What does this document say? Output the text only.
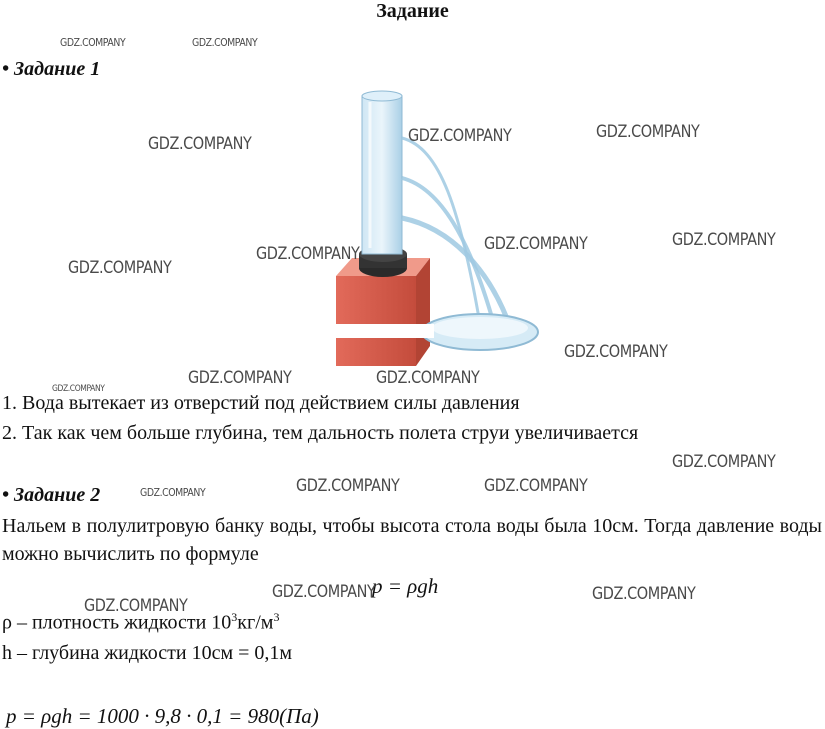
Задание
• Задание 1
1. Вода вытекает из отверстий под действием силы давления
2. Так как чем больше глубина, тем дальность полета струи увеличивается
• Задание 2
Нальем в полулитровую банку воды, чтобы высота стола воды была 10см. Тогда давление воды можно вычислить по формуле
p = ρgh
ρ – плотность жидкости $10^3кг/м^3$
h – глубина жидкости 10см = 0,1м
p = ρgh = 1000 · 9,8 · 0,1 = 980(Па)
GDZ.COMPANY	GDZ.COMPANY
GDZ.COMPANY	GDZ.COMPANY	GDZ.COMPANY
GDZ.COMPANY	GDZ.COMPANY	GDZ.COMPANY
GDZ.COMPANY
GDZ.COMPANY
GDZ.COMPANY	GDZ.COMPANY
GDZ.COMPANY
GDZ.COMPANY
GDZ.COMPANY	GDZ.COMPANY	GDZ.COMPANY
GDZ.COMPANY	GDZ.COMPANY
GDZ.COMPANY
